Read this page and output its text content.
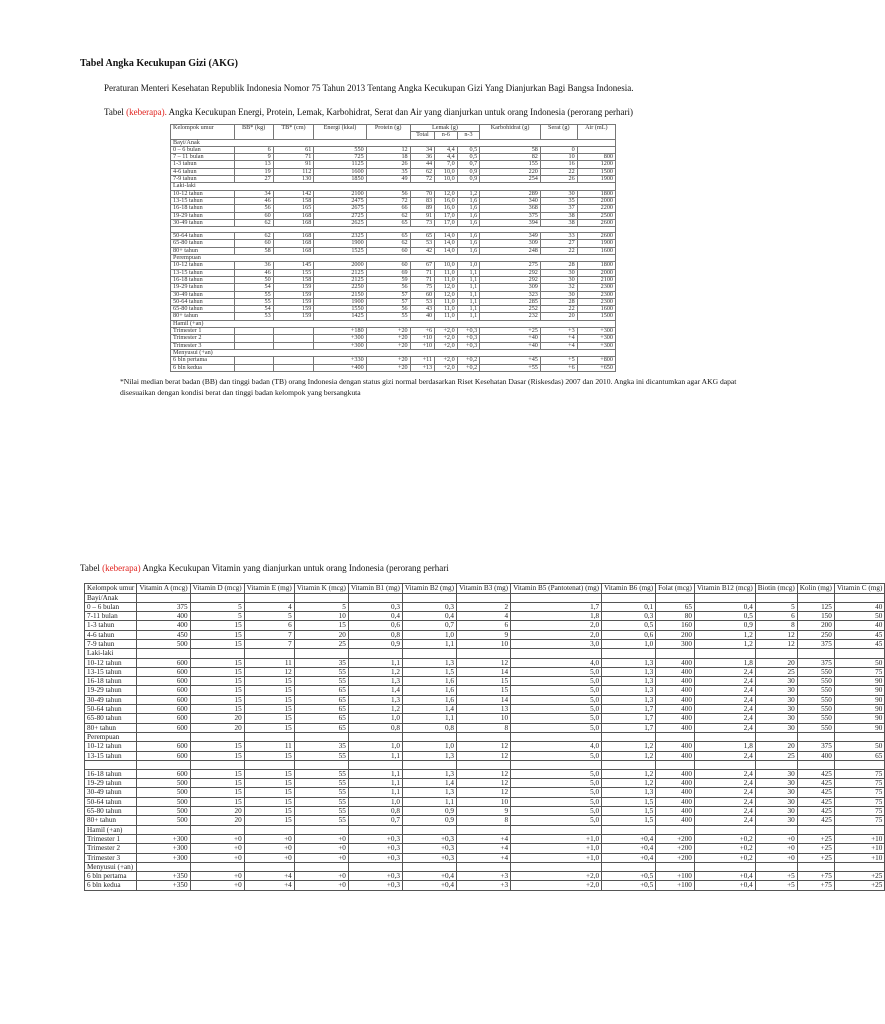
Tabel Angka Kecukupan Gizi (AKG)
Peraturan Menteri Kesehatan Republik Indonesia Nomor 75 Tahun 2013 Tentang Angka Kecukupan Gizi Yang Dianjurkan Bagi Bangsa Indonesia.
Tabel (keberapa). Angka Kecukupan Energi, Protein, Lemak, Karbohidrat, Serat dan Air yang dianjurkan untuk orang Indonesia (perorang perhari)
Kelompok umur	BB* (kg)	TB* (cm)	Energi (kkal)	Protein (g)	Lemak (g)			Karbohidrat (g)	Serat (g)	Air (mL)
					Total	n-6	n-3			
Bayi/Anak										
0 – 6 bulan	6	61	550	12	34	4,4	0,5	58	0	
7 – 11 bulan	9	71	725	18	36	4,4	0,5	82	10	800
1-3 tahun	13	91	1125	26	44	7,0	0,7	155	16	1200
4-6 tahun	19	112	1600	35	62	10,0	0,9	220	22	1500
7-9 tahun	27	130	1850	49	72	10,0	0,9	254	26	1900
Laki-laki										
10-12 tahun	34	142	2100	56	70	12,0	1,2	289	30	1800
13-15 tahun	46	158	2475	72	83	16,0	1,6	340	35	2000
16-18 tahun	56	165	2675	66	89	16,0	1,6	368	37	2200
19-29 tahun	60	168	2725	62	91	17,0	1,6	375	38	2500
30-49 tahun	62	168	2625	65	73	17,0	1,6	394	38	2600

50-64 tahun	62	168	2325	65	65	14,0	1,6	349	33	2600
65-80 tahun	60	168	1900	62	53	14,0	1,6	309	27	1900
80+ tahun	58	168	1525	60	42	14,0	1,6	248	22	1600
Perempuan										
10-12 tahun	36	145	2000	60	67	10,0	1,0	275	28	1800
13-15 tahun	46	155	2125	69	71	11,0	1,1	292	30	2000
16-18 tahun	50	158	2125	59	71	11,0	1,1	292	30	2100
19-29 tahun	54	159	2250	56	75	12,0	1,1	309	32	2300
30-49 tahun	55	159	2150	57	60	12,0	1,1	323	30	2300
50-64 tahun	55	159	1900	57	53	11,0	1,1	285	28	2300
65-80 tahun	54	159	1550	56	43	11,0	1,1	252	22	1600
80+ tahun	53	159	1425	55	40	11,0	1,1	232	20	1500
Hamil (+an)										
Trimester 1			+180	+20	+6	+2,0	+0,3	+25	+3	+300
Trimester 2			+300	+20	+10	+2,0	+0,3	+40	+4	+300
Trimester 3			+300	+20	+10	+2,0	+0,3	+40	+4	+300
Menyusui (+an)										
6 bln pertama			+330	+20	+11	+2,0	+0,2	+45	+5	+800
6 bln kedua			+400	+20	+13	+2,0	+0,2	+55	+6	+650
*Nilai median berat badan (BB) dan tinggi badan (TB) orang Indonesia dengan status gizi normal berdasarkan Riset Kesehatan Dasar (Riskesdas) 2007 dan 2010. Angka ini dicantumkan agar AKG dapat disesuaikan dengan kondisi berat dan tinggi badan kelompok yang bersangkuta
Tabel (keberapa) Angka Kecukupan Vitamin yang dianjurkan untuk orang Indonesia (perorang perhari
Kelompok umur	Vitamin A (mcg)	Vitamin D (mcg)	Vitamin E (mg)	Vitamin K (mcg)	Vitamin B1 (mg)	Vitamin B2 (mg)	Vitamin B3 (mg)	Vitamin B5 (Pantotenat) (mg)	Vitamin B6 (mg)	Folat (mcg)	Vitamin B12 (mcg)	Biotin (mcg)	Kolin (mg)	Vitamin C (mg)
Bayi/Anak														
0 – 6 bulan	375	5	4	5	0,3	0,3	2	1,7	0,1	65	0,4	5	125	40
7-11 bulan	400	5	5	10	0,4	0,4	4	1,8	0,3	80	0,5	6	150	50
1-3 tahun	400	15	6	15	0,6	0,7	6	2,0	0,5	160	0,9	8	200	40
4-6 tahun	450	15	7	20	0,8	1,0	9	2,0	0,6	200	1,2	12	250	45
7-9 tahun	500	15	7	25	0,9	1,1	10	3,0	1,0	300	1,2	12	375	45
Laki-laki														
10-12 tahun	600	15	11	35	1,1	1,3	12	4,0	1,3	400	1,8	20	375	50
13-15 tahun	600	15	12	55	1,2	1,5	14	5,0	1,3	400	2,4	25	550	75
16-18 tahun	600	15	15	55	1,3	1,6	15	5,0	1,3	400	2,4	30	550	90
19-29 tahun	600	15	15	65	1,4	1,6	15	5,0	1,3	400	2,4	30	550	90
30-49 tahun	600	15	15	65	1,3	1,6	14	5,0	1,3	400	2,4	30	550	90
50-64 tahun	600	15	15	65	1,2	1,4	13	5,0	1,7	400	2,4	30	550	90
65-80 tahun	600	20	15	65	1,0	1,1	10	5,0	1,7	400	2,4	30	550	90
80+ tahun	600	20	15	65	0,8	0,8	8	5,0	1,7	400	2,4	30	550	90
Perempuan														
10-12 tahun	600	15	11	35	1,0	1,0	12	4,0	1,2	400	1,8	20	375	50
13-15 tahun	600	15	15	55	1,1	1,3	12	5,0	1,2	400	2,4	25	400	65

16-18 tahun	600	15	15	55	1,1	1,3	12	5,0	1,2	400	2,4	30	425	75
19-29 tahun	500	15	15	55	1,1	1,4	12	5,0	1,2	400	2,4	30	425	75
30-49 tahun	500	15	15	55	1,1	1,3	12	5,0	1,3	400	2,4	30	425	75
50-64 tahun	500	15	15	55	1,0	1,1	10	5,0	1,5	400	2,4	30	425	75
65-80 tahun	500	20	15	55	0,8	0,9	9	5,0	1,5	400	2,4	30	425	75
80+ tahun	500	20	15	55	0,7	0,9	8	5,0	1,5	400	2,4	30	425	75
Hamil (+an)														
Trimester 1	+300	+0	+0	+0	+0,3	+0,3	+4	+1,0	+0,4	+200	+0,2	+0	+25	+10
Trimester 2	+300	+0	+0	+0	+0,3	+0,3	+4	+1,0	+0,4	+200	+0,2	+0	+25	+10
Trimester 3	+300	+0	+0	+0	+0,3	+0,3	+4	+1,0	+0,4	+200	+0,2	+0	+25	+10
Menyusui (+an)														
6 bln pertama	+350	+0	+4	+0	+0,3	+0,4	+3	+2,0	+0,5	+100	+0,4	+5	+75	+25
6 bln kedua	+350	+0	+4	+0	+0,3	+0,4	+3	+2,0	+0,5	+100	+0,4	+5	+75	+25
